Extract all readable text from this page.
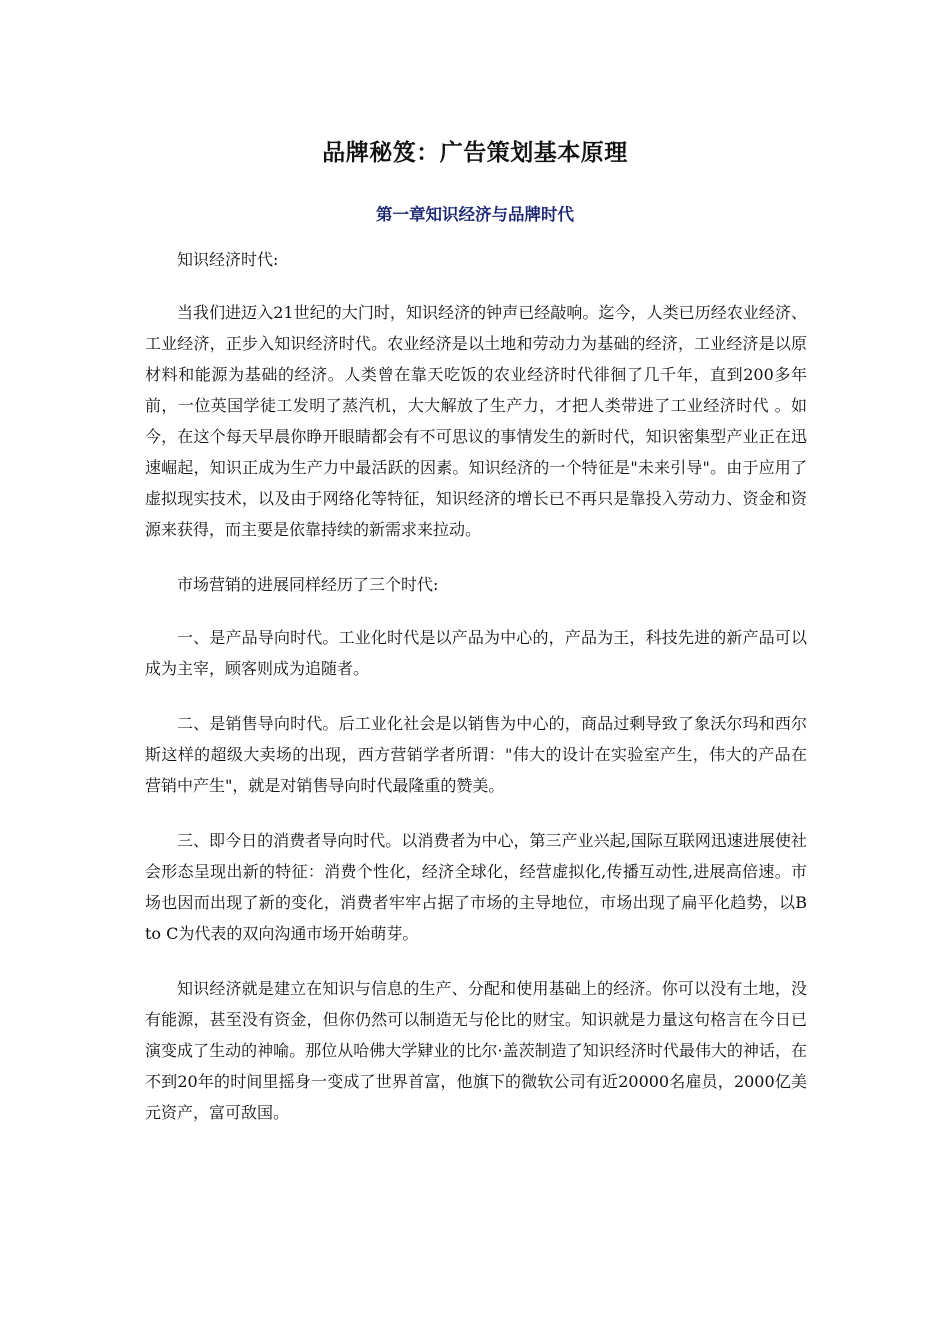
品牌秘笈：广告策划基本原理
第一章知识经济与品牌时代

知识经济时代:

当我们进迈入21世纪的大门时，知识经济的钟声已经敲响。迄今，人类已历经农业经济、工业经济，正步入知识经济时代。农业经济是以土地和劳动力为基础的经济，工业经济是以原材料和能源为基础的经济。人类曾在靠天吃饭的农业经济时代徘徊了几千年，直到200多年前，一位英国学徒工发明了蒸汽机，大大解放了生产力，才把人类带进了工业经济时代 。如今，在这个每天早晨你睁开眼睛都会有不可思议的事情发生的新时代，知识密集型产业正在迅速崛起，知识正成为生产力中最活跃的因素。知识经济的一个特征是"未来引导"。由于应用了虚拟现实技术，以及由于网络化等特征，知识经济的增长已不再只是靠投入劳动力、资金和资源来获得，而主要是依靠持续的新需求来拉动。

市场营销的进展同样经历了三个时代:

一、是产品导向时代。工业化时代是以产品为中心的，产品为王，科技先进的新产品可以成为主宰，顾客则成为追随者。

二、是销售导向时代。后工业化社会是以销售为中心的，商品过剩导致了象沃尔玛和西尔斯这样的超级大卖场的出现，西方营销学者所谓："伟大的设计在实验室产生，伟大的产品在营销中产生"，就是对销售导向时代最隆重的赞美。

三、即今日的消费者导向时代。以消费者为中心，第三产业兴起,国际互联网迅速进展使社会形态呈现出新的特征：消费个性化，经济全球化，经营虚拟化,传播互动性,进展高倍速。市场也因而出现了新的变化，消费者牢牢占据了市场的主导地位，市场出现了扁平化趋势，以B to C为代表的双向沟通市场开始萌芽。

知识经济就是建立在知识与信息的生产、分配和使用基础上的经济。你可以没有土地，没有能源，甚至没有资金，但你仍然可以制造无与伦比的财宝。知识就是力量这句格言在今日已演变成了生动的神喻。那位从哈佛大学肄业的比尔·盖茨制造了知识经济时代最伟大的神话，在不到20年的时间里摇身一变成了世界首富，他旗下的微软公司有近20000名雇员，2000亿美元资产，富可敌国。
